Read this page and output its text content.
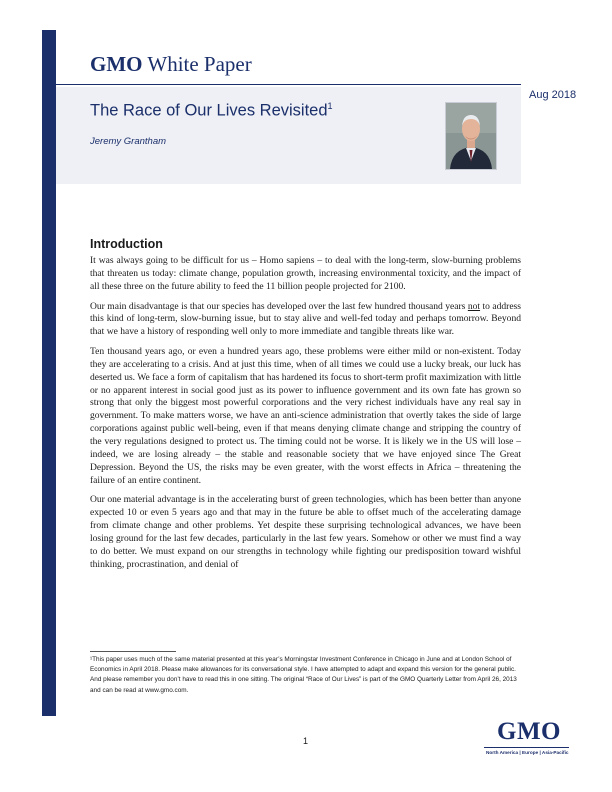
GMO White Paper
Aug 2018
The Race of Our Lives Revisited$^1$
Jeremy Grantham
Introduction

It was always going to be difficult for us – Homo sapiens – to deal with the long-term, slow-burning problems that threaten us today: climate change, population growth, increasing environmental toxicity, and the impact of all these three on the future ability to feed the 11 billion people projected for 2100.

Our main disadvantage is that our species has developed over the last few hundred thousand years not to address this kind of long-term, slow-burning issue, but to stay alive and well-fed today and perhaps tomorrow. Beyond that we have a history of responding well only to more immediate and tangible threats like war.

Ten thousand years ago, or even a hundred years ago, these problems were either mild or non-existent. Today they are accelerating to a crisis. And at just this time, when of all times we could use a lucky break, our luck has deserted us. We face a form of capitalism that has hardened its focus to short-term profit maximization with little or no apparent interest in social good just as its power to influence government and its own fate has grown so strong that only the biggest most powerful corporations and the very richest individuals have any real say in government. To make matters worse, we have an anti-science administration that overtly takes the side of large corporations against public well-being, even if that means denying climate change and stripping the country of the very regulations designed to protect us. The timing could not be worse. It is likely we in the US will lose – indeed, we are losing already – the stable and reasonable society that we have enjoyed since The Great Depression. Beyond the US, the risks may be even greater, with the worst effects in Africa – threatening the failure of an entire continent.

Our one material advantage is in the accelerating burst of green technologies, which has been better than anyone expected 10 or even 5 years ago and that may in the future be able to offset much of the accelerating damage from climate change and other problems. Yet despite these surprising technological advances, we have been losing ground for the last few decades, particularly in the last few years. Somehow or other we must find a way to do better. We must expand on our strengths in technology while fighting our predisposition toward wishful thinking, procrastination, and denial of

¹This paper uses much of the same material presented at this year’s Morningstar Investment Conference in Chicago in June and at London School of Economics in April 2018. Please make allowances for its conversational style. I have attempted to adapt and expand this version for the general public. And please remember you don’t have to read this in one sitting. The original “Race of Our Lives” is part of the GMO Quarterly Letter from April 26, 2013 and can be read at www.gmo.com.
1	GMO
North America | Europe | Asia-Pacific
